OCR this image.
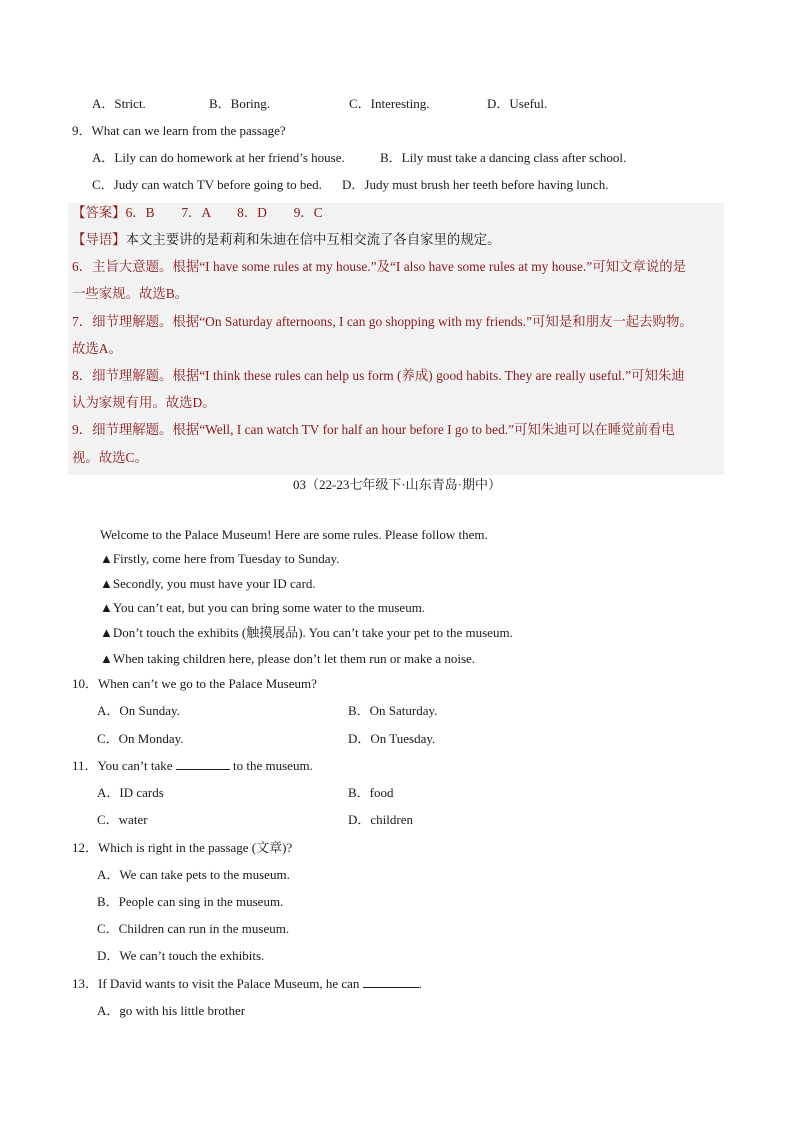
A．Strict.	B．Boring.	C．Interesting.	D．Useful.
9．What can we learn from the passage?
A．Lily can do homework at her friend’s house.	B．Lily must take a dancing class after school.
C．Judy can watch TV before going to bed. D．Judy must brush her teeth before having lunch.
【答案】6．B　　7．A　　8．D　　9．C
【导语】本文主要讲的是莉莉和朱迪在信中互相交流了各自家里的规定。
6．主旨大意题。根据“I have some rules at my house.”及“I also have some rules at my house.”可知文章说的是
一些家规。故选B。
7．细节理解题。根据“On Saturday afternoons, I can go shopping with my friends.”可知是和朋友一起去购物。
故选A。
8．细节理解题。根据“I think these rules can help us form (养成) good habits. They are really useful.”可知朱迪
认为家规有用。故选D。
9．细节理解题。根据“Well, I can watch TV for half an hour before I go to bed.”可知朱迪可以在睡觉前看电
视。故选C。
03（22-23七年级下·山东青岛·期中）
Welcome to the Palace Museum! Here are some rules. Please follow them.
▲Firstly, come here from Tuesday to Sunday.
▲Secondly, you must have your ID card.
▲You can’t eat, but you can bring some water to the museum.
▲Don’t touch the exhibits (触摸展品). You can’t take your pet to the museum.
▲When taking children here, please don’t let them run or make a noise.
10．When can’t we go to the Palace Museum?
A．On Sunday.	B．On Saturday.
C．On Monday.	D．On Tuesday.
11．You can’t take	to the museum.
A．ID cards	B．food
C．water	D．children
12．Which is right in the passage (文章)?
A．We can take pets to the museum.
B．People can sing in the museum.
C．Children can run in the museum.
D．We can’t touch the exhibits.
13．If David wants to visit the Palace Museum, he can	.
A．go with his little brother
